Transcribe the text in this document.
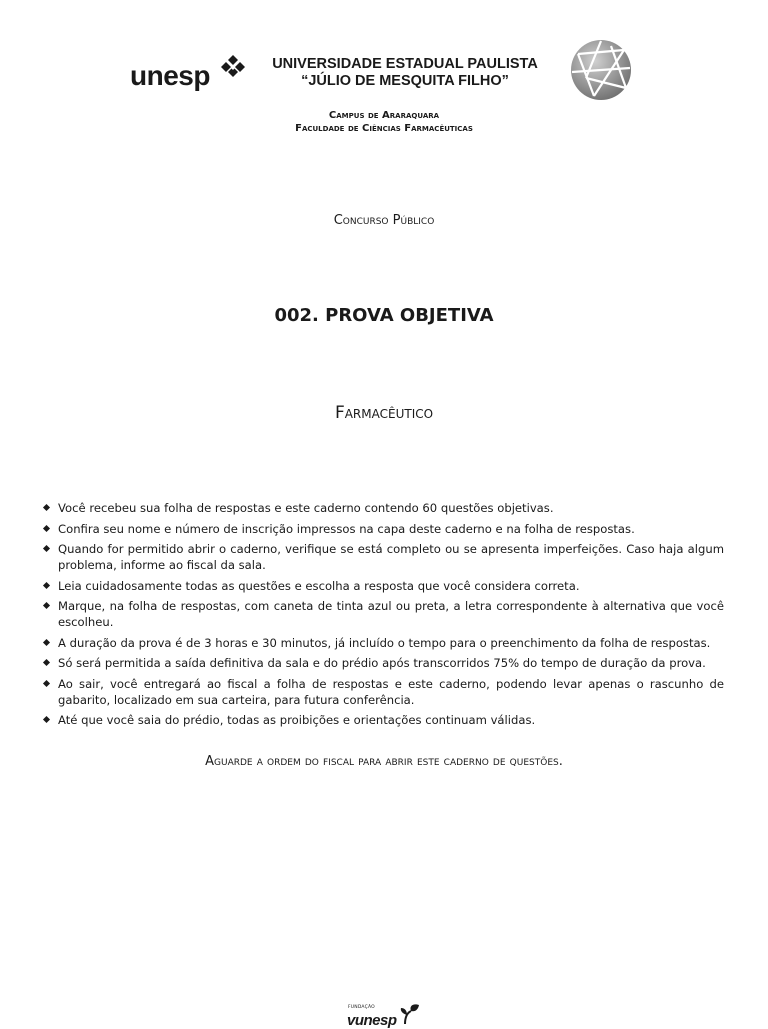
unesp	UNIVERSIDADE ESTADUAL PAULISTA
“JÚLIO DE MESQUITA FILHO”
Campus de Araraquara
Faculdade de Ciências Farmacêuticas
Concurso Público
002. PROVA OBJETIVA
Farmacêutico
Você recebeu sua folha de respostas e este caderno contendo 60 questões objetivas.
Confira seu nome e número de inscrição impressos na capa deste caderno e na folha de respostas.
Quando for permitido abrir o caderno, verifique se está completo ou se apresenta imperfeições. Caso haja algum problema, informe ao fiscal da sala.
Leia cuidadosamente todas as questões e escolha a resposta que você considera correta.
Marque, na folha de respostas, com caneta de tinta azul ou preta, a letra correspondente à alternativa que você escolheu.
A duração da prova é de 3 horas e 30 minutos, já incluído o tempo para o preenchimento da folha de respostas.
Só será permitida a saída definitiva da sala e do prédio após transcorridos 75% do tempo de duração da prova.
Ao sair, você entregará ao fiscal a folha de respostas e este caderno, podendo levar apenas o rascunho de gabarito, localizado em sua carteira, para futura conferência.
Até que você saia do prédio, todas as proibições e orientações continuam válidas.
Aguarde a ordem do fiscal para abrir este caderno de questões.
FUNDAÇÃO
vunesp
